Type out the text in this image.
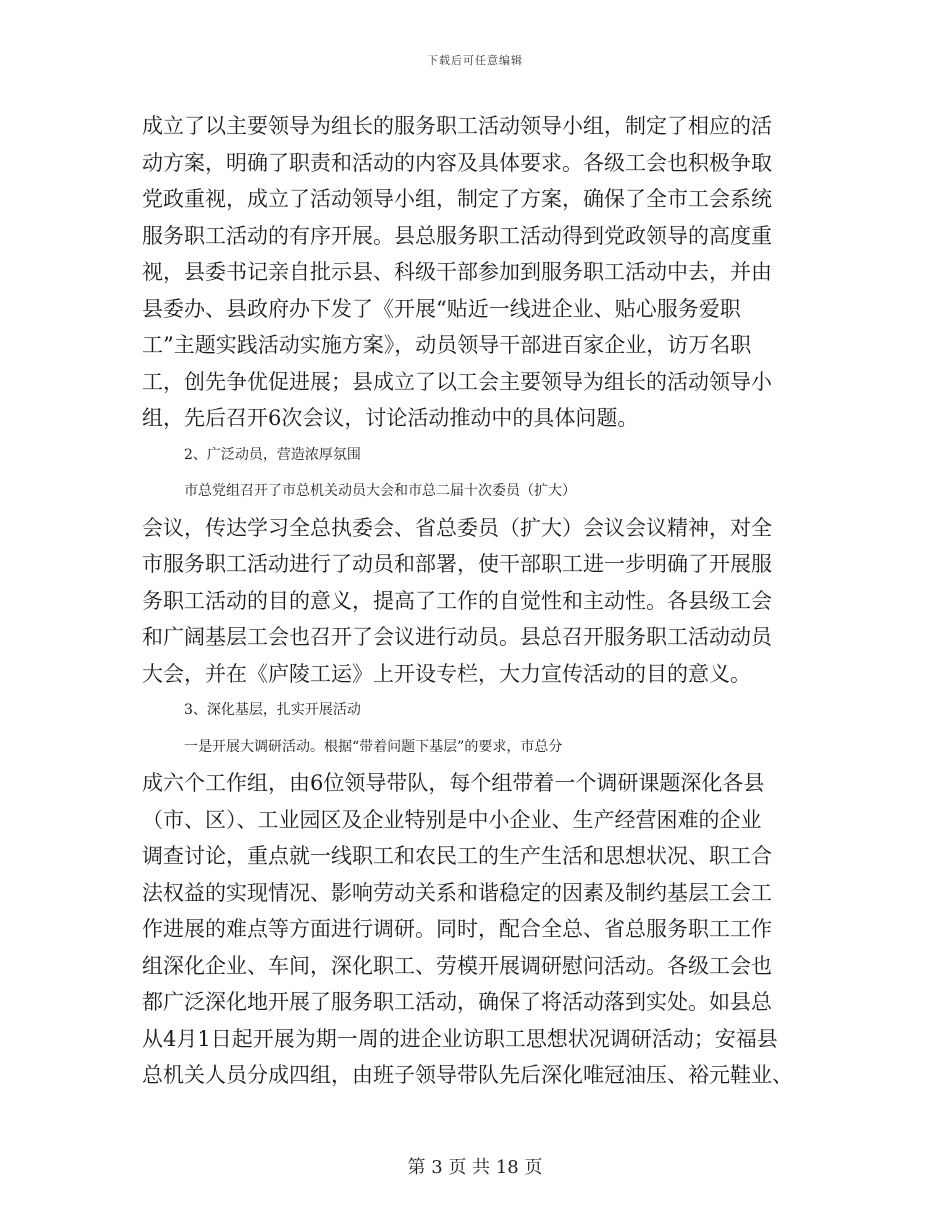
下载后可任意编辑
成立了以主要领导为组长的服务职工活动领导小组，制定了相应的活
动方案，明确了职责和活动的内容及具体要求。各级工会也积极争取
党政重视，成立了活动领导小组，制定了方案，确保了全市工会系统
服务职工活动的有序开展。县总服务职工活动得到党政领导的高度重
视，县委书记亲自批示县、科级干部参加到服务职工活动中去，并由
县委办、县政府办下发了《开展“贴近一线进企业、贴心服务爱职
工”主题实践活动实施方案》，动员领导干部进百家企业，访万名职
工，创先争优促进展；县成立了以工会主要领导为组长的活动领导小
组，先后召开6次会议，讨论活动推动中的具体问题。
2、广泛动员，营造浓厚氛围
市总党组召开了市总机关动员大会和市总二届十次委员（扩大）
会议，传达学习全总执委会、省总委员（扩大）会议会议精神，对全
市服务职工活动进行了动员和部署，使干部职工进一步明确了开展服
务职工活动的目的意义，提高了工作的自觉性和主动性。各县级工会
和广阔基层工会也召开了会议进行动员。县总召开服务职工活动动员
大会，并在《庐陵工运》上开设专栏，大力宣传活动的目的意义。
3、深化基层，扎实开展活动
一是开展大调研活动。根据“带着问题下基层”的要求，市总分
成六个工作组，由6位领导带队，每个组带着一个调研课题深化各县
（市、区）、工业园区及企业特别是中小企业、生产经营困难的企业
调查讨论，重点就一线职工和农民工的生产生活和思想状况、职工合
法权益的实现情况、影响劳动关系和谐稳定的因素及制约基层工会工
作进展的难点等方面进行调研。同时，配合全总、省总服务职工工作
组深化企业、车间，深化职工、劳模开展调研慰问活动。各级工会也
都广泛深化地开展了服务职工活动，确保了将活动落到实处。如县总
从4月1日起开展为期一周的进企业访职工思想状况调研活动；安福县
总机关人员分成四组，由班子领导带队先后深化唯冠油压、裕元鞋业、
第 3 页 共 18 页
